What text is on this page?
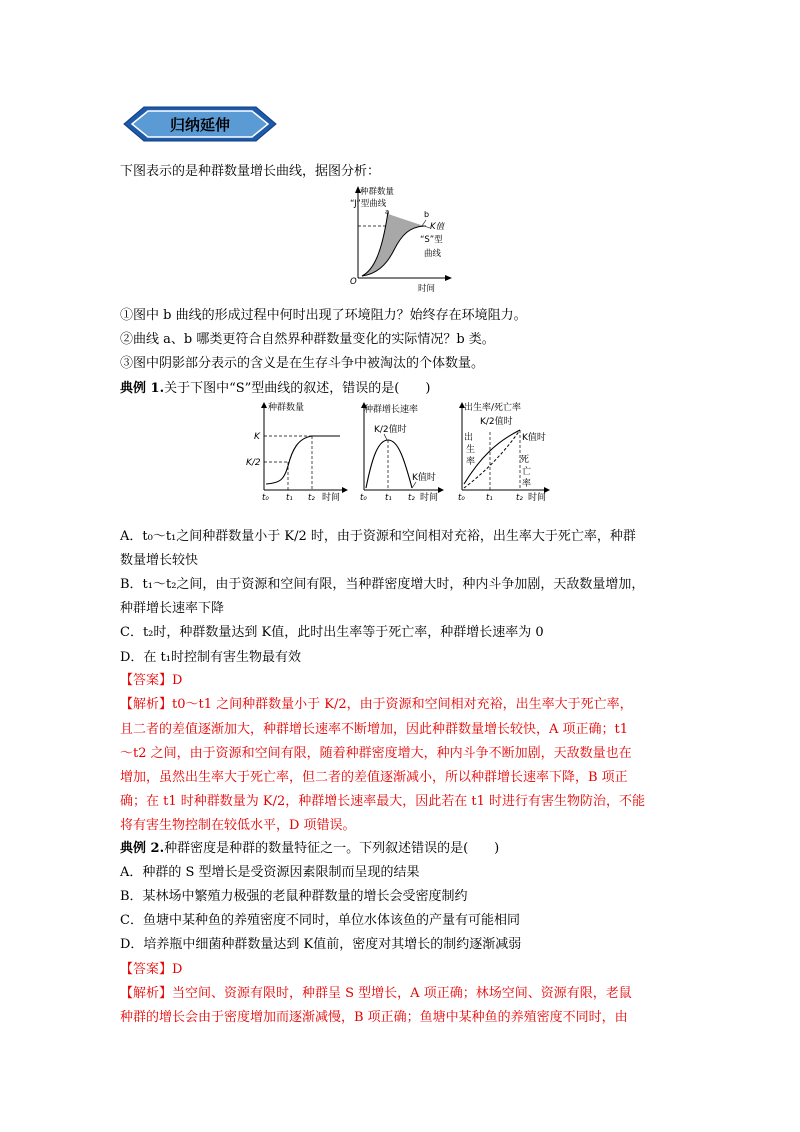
归纳延伸
下图表示的是种群数量增长曲线，据图分析：
种群数量
“J”型曲线
a	b
K值
“S”型
曲线
O
时间
①图中 b 曲线的形成过程中何时出现了环境阻力？始终存在环境阻力。
②曲线 a、b 哪类更符合自然界种群数量变化的实际情况？b 类。
③图中阴影部分表示的含义是在生存斗争中被淘汰的个体数量。
典例 1.关于下图中“S”型曲线的叙述，错误的是(　　)
种群数量
K
K/2
t₀ t₁ t₂ 时间
种群增长速率
K/2值时
K值时
t₀ t₁ t₂ 时间
出生率/死亡率
K/2值时
K值时
出
生
率	死
亡
率
t₀	t₁	t₂ 时间
A．t₀～t₁之间种群数量小于 K/2 时，由于资源和空间相对充裕，出生率大于死亡率，种群
数量增长较快
B．t₁～t₂之间，由于资源和空间有限，当种群密度增大时，种内斗争加剧，天敌数量增加，
种群增长速率下降
C．t₂时，种群数量达到 K值，此时出生率等于死亡率，种群增长速率为 0
D．在 t₁时控制有害生物最有效
【答案】D
【解析】t0～t1 之间种群数量小于 K/2，由于资源和空间相对充裕，出生率大于死亡率，
且二者的差值逐渐加大，种群增长速率不断增加，因此种群数量增长较快，A 项正确；t1
～t2 之间，由于资源和空间有限，随着种群密度增大，种内斗争不断加剧，天敌数量也在
增加，虽然出生率大于死亡率，但二者的差值逐渐减小，所以种群增长速率下降，B 项正
确；在 t1 时种群数量为 K/2，种群增长速率最大，因此若在 t1 时进行有害生物防治，不能
将有害生物控制在较低水平，D 项错误。
典例 2.种群密度是种群的数量特征之一。下列叙述错误的是(　　)
A．种群的 S 型增长是受资源因素限制而呈现的结果
B．某林场中繁殖力极强的老鼠种群数量的增长会受密度制约
C．鱼塘中某种鱼的养殖密度不同时，单位水体该鱼的产量有可能相同
D．培养瓶中细菌种群数量达到 K值前，密度对其增长的制约逐渐减弱
【答案】D
【解析】当空间、资源有限时，种群呈 S 型增长，A 项正确；林场空间、资源有限，老鼠
种群的增长会由于密度增加而逐渐减慢，B 项正确；鱼塘中某种鱼的养殖密度不同时，由
